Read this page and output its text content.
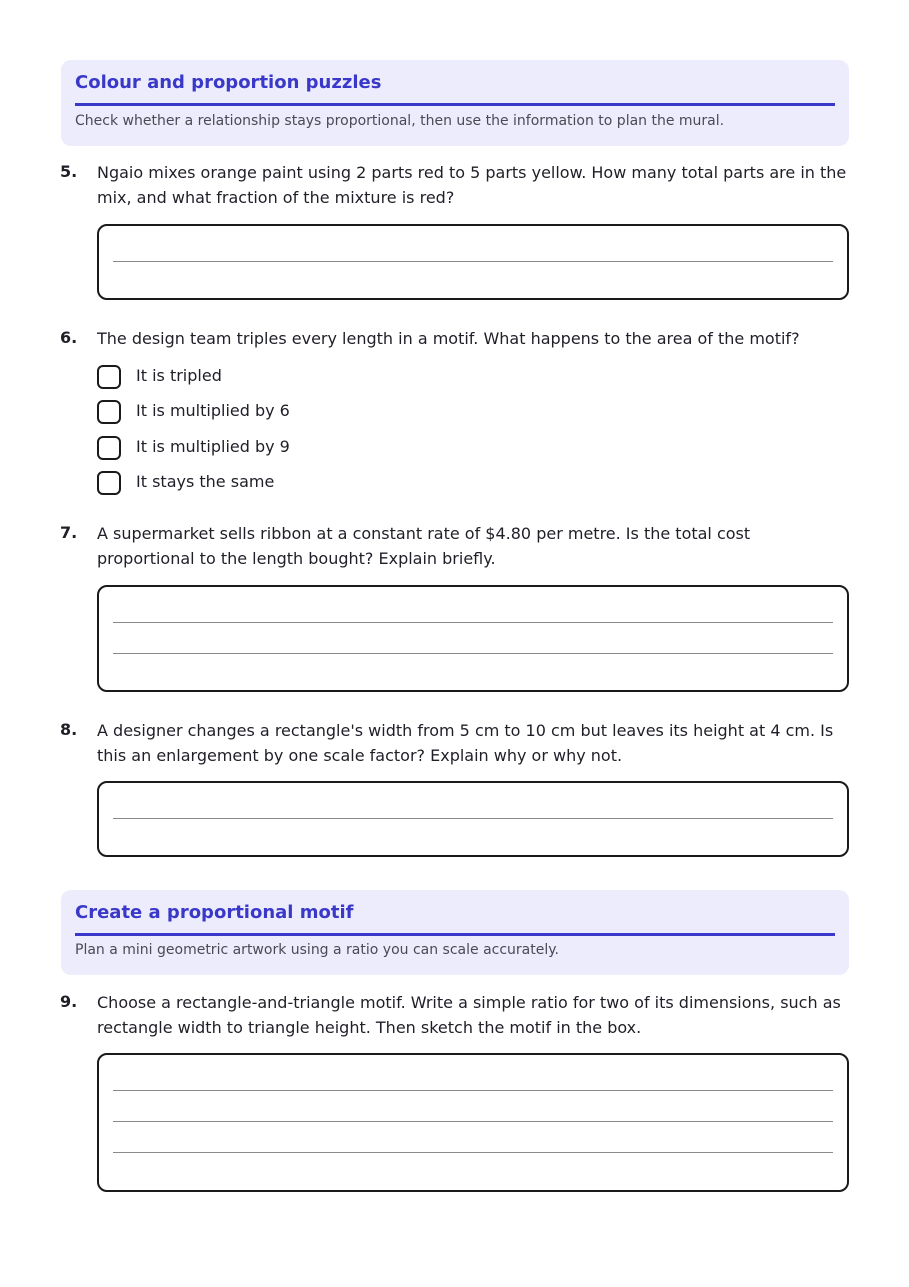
Colour and proportion puzzles
Check whether a relationship stays proportional, then use the information to plan the mural.
5. Ngaio mixes orange paint using 2 parts red to 5 parts yellow. How many total parts are in the mix, and what fraction of the mixture is red?
6. The design team triples every length in a motif. What happens to the area of the motif?
It is tripled
It is multiplied by 6
It is multiplied by 9
It stays the same
7. A supermarket sells ribbon at a constant rate of $4.80 per metre. Is the total cost proportional to the length bought? Explain briefly.
8. A designer changes a rectangle's width from 5 cm to 10 cm but leaves its height at 4 cm. Is this an enlargement by one scale factor? Explain why or why not.
Create a proportional motif
Plan a mini geometric artwork using a ratio you can scale accurately.
9. Choose a rectangle-and-triangle motif. Write a simple ratio for two of its dimensions, such as rectangle width to triangle height. Then sketch the motif in the box.
